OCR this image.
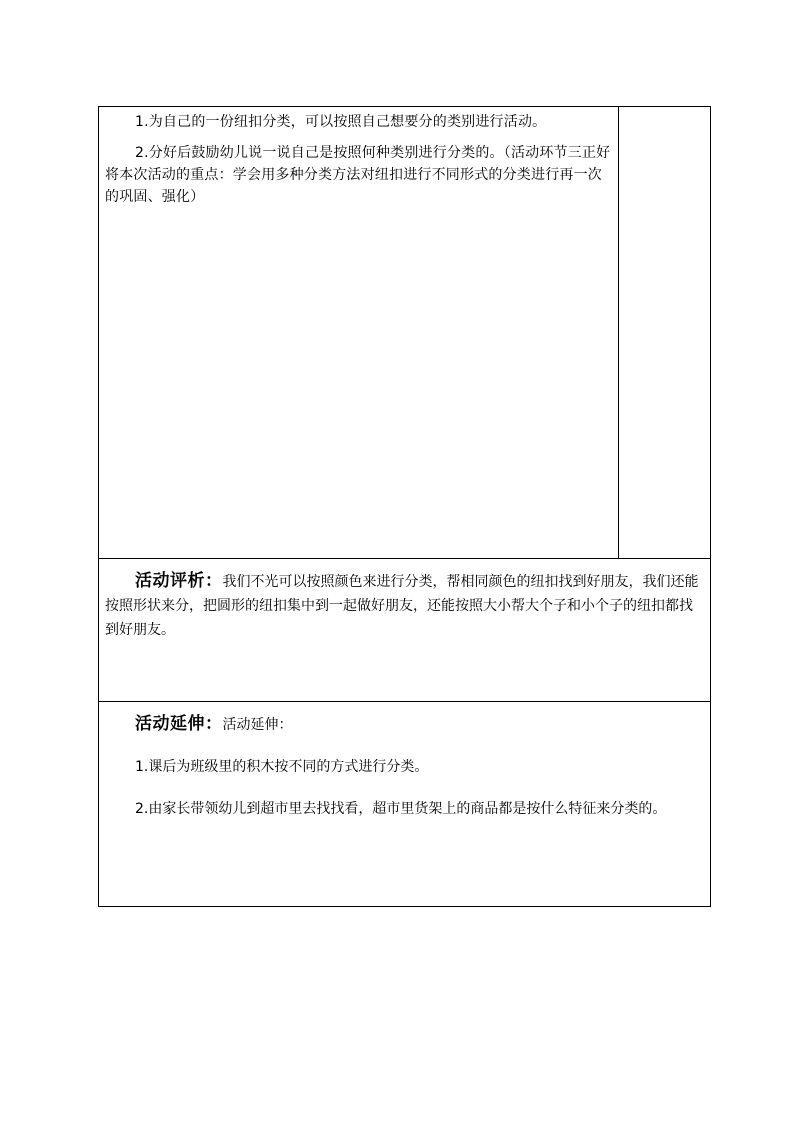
1.为自己的一份纽扣分类，可以按照自己想要分的类别进行活动。

2.分好后鼓励幼儿说一说自己是按照何种类别进行分类的。（活动环节三正好将本次活动的重点：学会用多种分类方法对纽扣进行不同形式的分类进行再一次的巩固、强化）

活动评析：我们不光可以按照颜色来进行分类，帮相同颜色的纽扣找到好朋友，我们还能按照形状来分，把圆形的纽扣集中到一起做好朋友，还能按照大小帮大个子和小个子的纽扣都找到好朋友。

活动延伸：活动延伸：

1.课后为班级里的积木按不同的方式进行分类。

2.由家长带领幼儿到超市里去找找看，超市里货架上的商品都是按什么特征来分类的。
